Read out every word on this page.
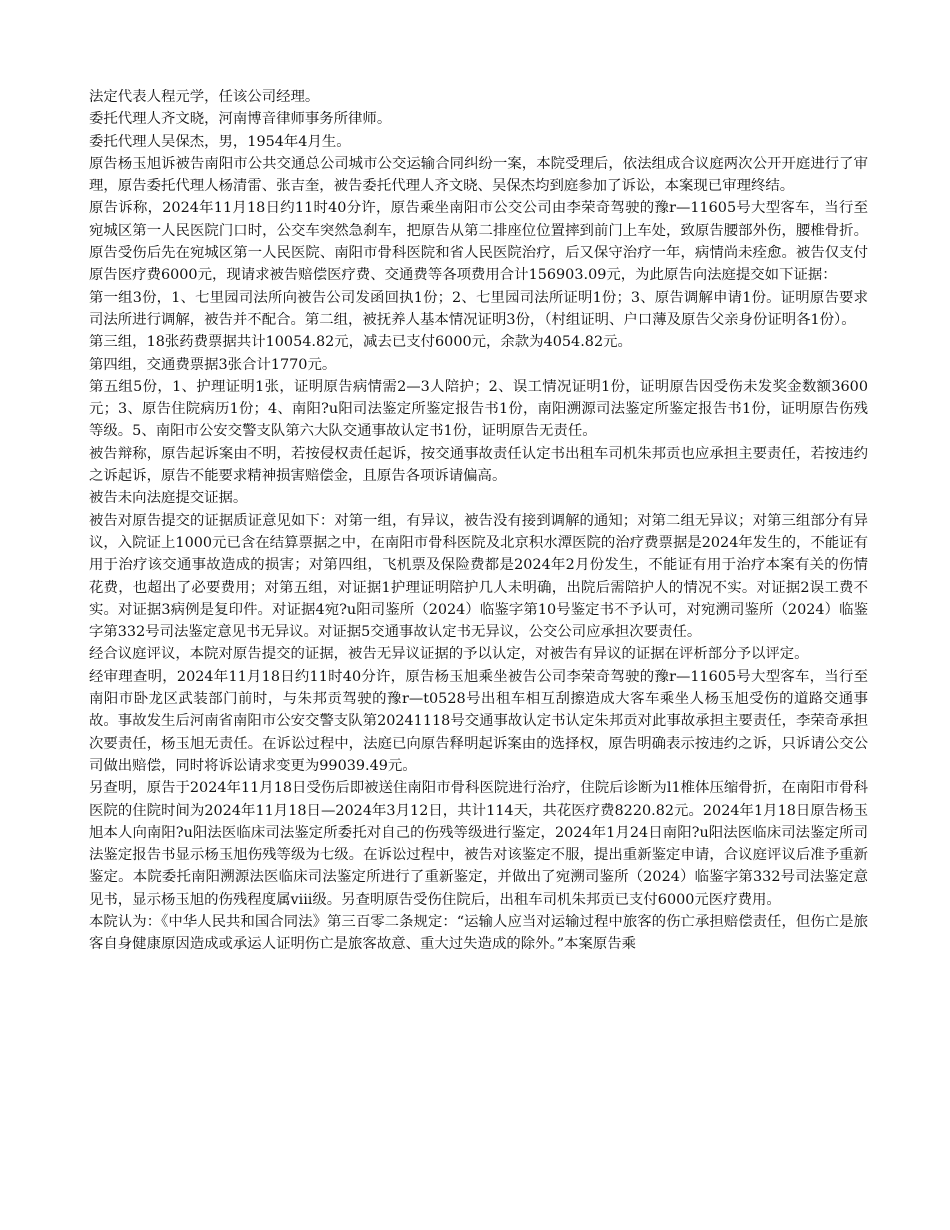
法定代表人程元学，任该公司经理。

委托代理人齐文晓，河南博音律师事务所律师。

委托代理人吴保杰，男，1954年4月生。

原告杨玉旭诉被告南阳市公共交通总公司城市公交运输合同纠纷一案，本院受理后，依法组成合议庭两次公开开庭进行了审理，原告委托代理人杨清雷、张吉奎，被告委托代理人齐文晓、吴保杰均到庭参加了诉讼，本案现已审理终结。

原告诉称，2024年11月18日约11时40分许，原告乘坐南阳市公交公司由李荣奇驾驶的豫r—11605号大型客车，当行至宛城区第一人民医院门口时，公交车突然急刹车，把原告从第二排座位位置摔到前门上车处，致原告腰部外伤，腰椎骨折。原告受伤后先在宛城区第一人民医院、南阳市骨科医院和省人民医院治疗，后又保守治疗一年，病情尚未痊愈。被告仅支付原告医疗费6000元，现请求被告赔偿医疗费、交通费等各项费用合计156903.09元，为此原告向法庭提交如下证据：

第一组3份，1、七里园司法所向被告公司发函回执1份；2、七里园司法所证明1份；3、原告调解申请1份。证明原告要求司法所进行调解，被告并不配合。第二组，被抚养人基本情况证明3份，（村组证明、户口薄及原告父亲身份证明各1份）。

第三组，18张药费票据共计10054.82元，减去已支付6000元，余款为4054.82元。

第四组，交通费票据3张合计1770元。

第五组5份，1、护理证明1张，证明原告病情需2—3人陪护；2、误工情况证明1份，证明原告因受伤未发奖金数额3600元；3、原告住院病历1份；4、南阳?u阳司法鉴定所鉴定报告书1份，南阳溯源司法鉴定所鉴定报告书1份，证明原告伤残等级。5、南阳市公安交警支队第六大队交通事故认定书1份，证明原告无责任。

被告辩称，原告起诉案由不明，若按侵权责任起诉，按交通事故责任认定书出租车司机朱邦贡也应承担主要责任，若按违约之诉起诉，原告不能要求精神损害赔偿金，且原告各项诉请偏高。

被告未向法庭提交证据。

被告对原告提交的证据质证意见如下：对第一组，有异议，被告没有接到调解的通知；对第二组无异议；对第三组部分有异议，入院证上1000元已含在结算票据之中，在南阳市骨科医院及北京积水潭医院的治疗费票据是2024年发生的，不能证有用于治疗该交通事故造成的损害；对第四组，飞机票及保险费都是2024年2月份发生，不能证有用于治疗本案有关的伤情花费，也超出了必要费用；对第五组，对证据1护理证明陪护几人未明确，出院后需陪护人的情况不实。对证据2误工费不实。对证据3病例是复印件。对证据4宛?u阳司鉴所（2024）临鉴字第10号鉴定书不予认可，对宛溯司鉴所（2024）临鉴字第332号司法鉴定意见书无异议。对证据5交通事故认定书无异议，公交公司应承担次要责任。

经合议庭评议，本院对原告提交的证据，被告无异议证据的予以认定，对被告有异议的证据在评析部分予以评定。

经审理查明，2024年11月18日约11时40分许，原告杨玉旭乘坐被告公司李荣奇驾驶的豫r—11605号大型客车，当行至南阳市卧龙区武装部门前时，与朱邦贡驾驶的豫r—t0528号出租车相互刮擦造成大客车乘坐人杨玉旭受伤的道路交通事故。事故发生后河南省南阳市公安交警支队第20241118号交通事故认定书认定朱邦贡对此事故承担主要责任，李荣奇承担次要责任，杨玉旭无责任。在诉讼过程中，法庭已向原告释明起诉案由的选择权，原告明确表示按违约之诉，只诉请公交公司做出赔偿，同时将诉讼请求变更为99039.49元。

另查明，原告于2024年11月18日受伤后即被送住南阳市骨科医院进行治疗，住院后诊断为l1椎体压缩骨折，在南阳市骨科医院的住院时间为2024年11月18日—2024年3月12日，共计114天，共花医疗费8220.82元。2024年1月18日原告杨玉旭本人向南阳?u阳法医临床司法鉴定所委托对自己的伤残等级进行鉴定，2024年1月24日南阳?u阳法医临床司法鉴定所司法鉴定报告书显示杨玉旭伤残等级为七级。在诉讼过程中，被告对该鉴定不服，提出重新鉴定申请，合议庭评议后准予重新鉴定。本院委托南阳溯源法医临床司法鉴定所进行了重新鉴定，并做出了宛溯司鉴所（2024）临鉴字第332号司法鉴定意见书，显示杨玉旭的伤残程度属viii级。另查明原告受伤住院后，出租车司机朱邦贡已支付6000元医疗费用。

本院认为：《中华人民共和国合同法》第三百零二条规定：“运输人应当对运输过程中旅客的伤亡承担赔偿责任，但伤亡是旅客自身健康原因造成或承运人证明伤亡是旅客故意、重大过失造成的除外。”本案原告乘
